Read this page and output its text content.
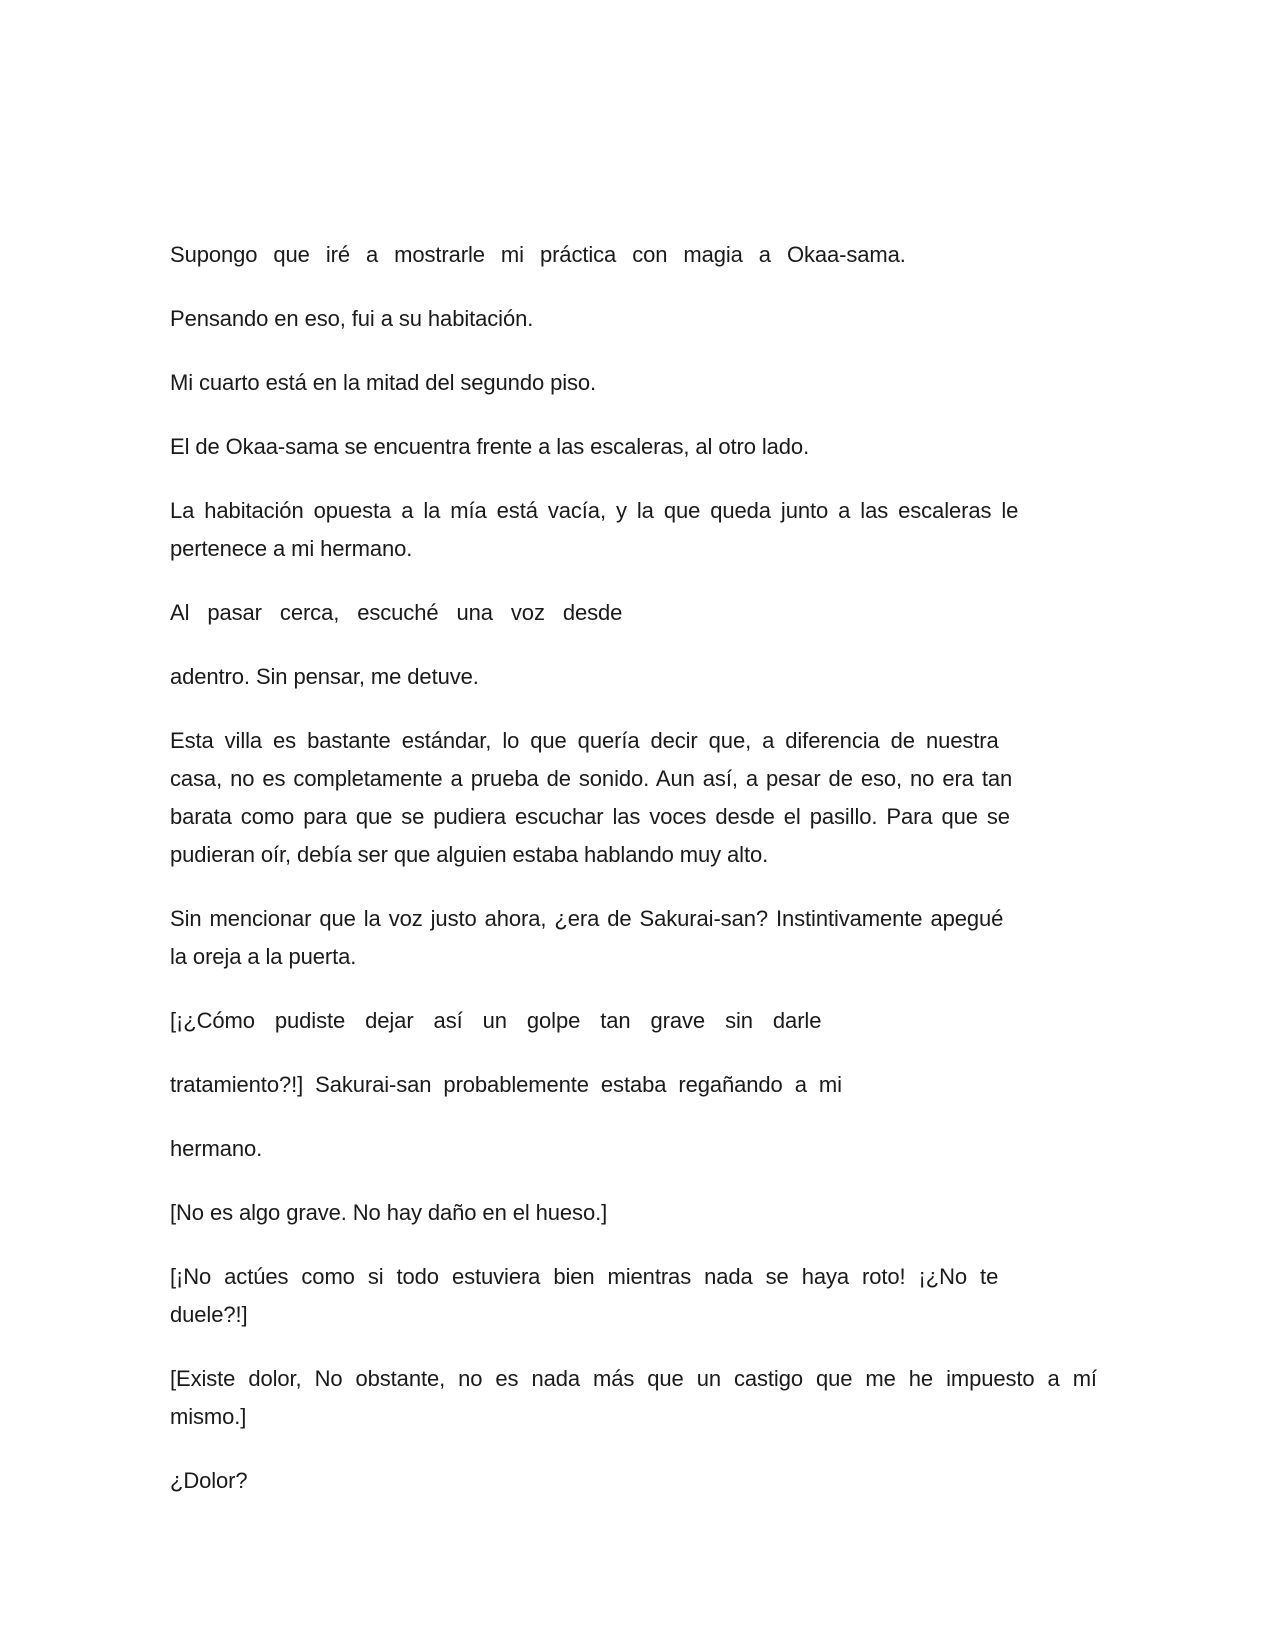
Supongo que iré a mostrarle mi práctica con magia a Okaa-sama.
Pensando en eso, fui a su habitación.
Mi cuarto está en la mitad del segundo piso.
El de Okaa-sama se encuentra frente a las escaleras, al otro lado.
La habitación opuesta a la mía está vacía, y la que queda junto a las escaleras le
pertenece a mi hermano.
Al pasar cerca, escuché una voz desde
adentro. Sin pensar, me detuve.
Esta villa es bastante estándar, lo que quería decir que, a diferencia de nuestra
casa, no es completamente a prueba de sonido. Aun así, a pesar de eso, no era tan
barata como para que se pudiera escuchar las voces desde el pasillo. Para que se
pudieran oír, debía ser que alguien estaba hablando muy alto.
Sin mencionar que la voz justo ahora, ¿era de Sakurai-san? Instintivamente apegué
la oreja a la puerta.
[¡¿Cómo pudiste dejar así un golpe tan grave sin darle
tratamiento?!] Sakurai-san probablemente estaba regañando a mi
hermano.
[No es algo grave. No hay daño en el hueso.]
[¡No actúes como si todo estuviera bien mientras nada se haya roto! ¡¿No te
duele?!]
[Existe dolor, No obstante, no es nada más que un castigo que me he impuesto a mí
mismo.]
¿Dolor?
